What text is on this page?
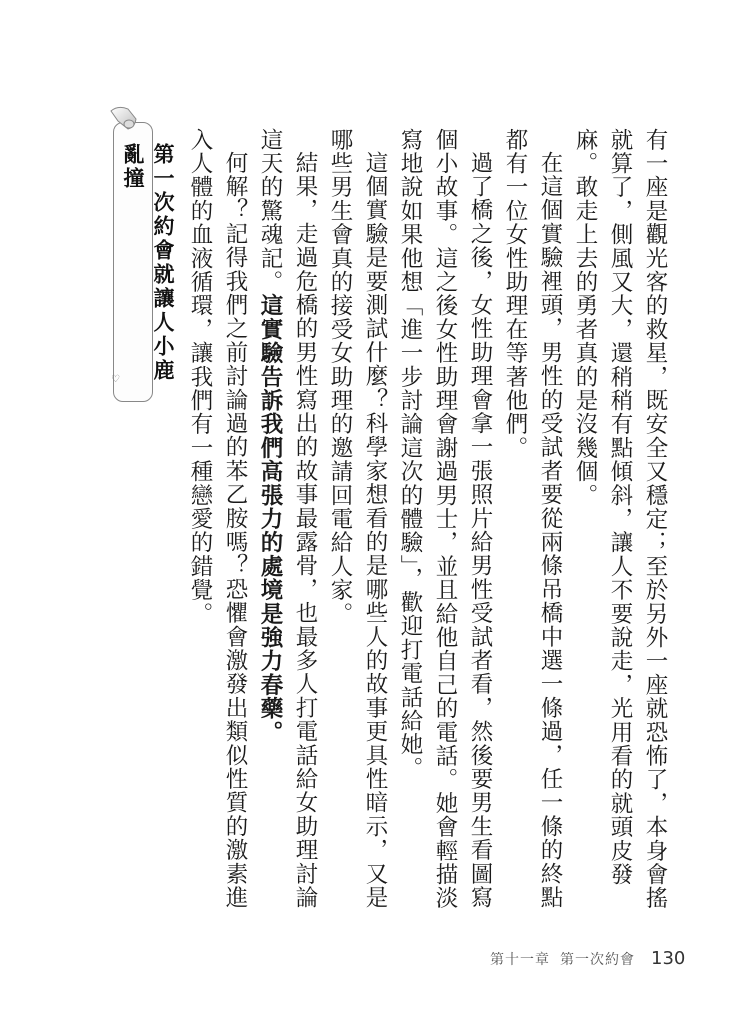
第一次約會就讓人小鹿亂撞
♡	有一座是觀光客的救星，既安全又穩定；至於另外一座就恐怖了，本身會搖就算了，側風又大，還稍稍有點傾斜，讓人不要說走，光用看的就頭皮發麻。敢走上去的勇者真的是沒幾個。

在這個實驗裡頭，男性的受試者要從兩條吊橋中選一條過，任一條的終點都有一位女性助理在等著他們。

過了橋之後，女性助理會拿一張照片給男性受試者看，然後要男生看圖寫個小故事。這之後女性助理會謝過男士，並且給他自己的電話。她會輕描淡寫地說如果他想「進一步討論這次的體驗」，歡迎打電話給她。

這個實驗是要測試什麼？科學家想看的是哪些人的故事更具性暗示，又是哪些男生會真的接受女助理的邀請回電給人家。

結果，走過危橋的男性寫出的故事最露骨，也最多人打電話給女助理討論這天的驚魂記。這實驗告訴我們高張力的處境是強力春藥。

何解？記得我們之前討論過的苯乙胺嗎？恐懼會激發出類似性質的激素進入人體的血液循環，讓我們有一種戀愛的錯覺。

第十一章 第一次約會 130
